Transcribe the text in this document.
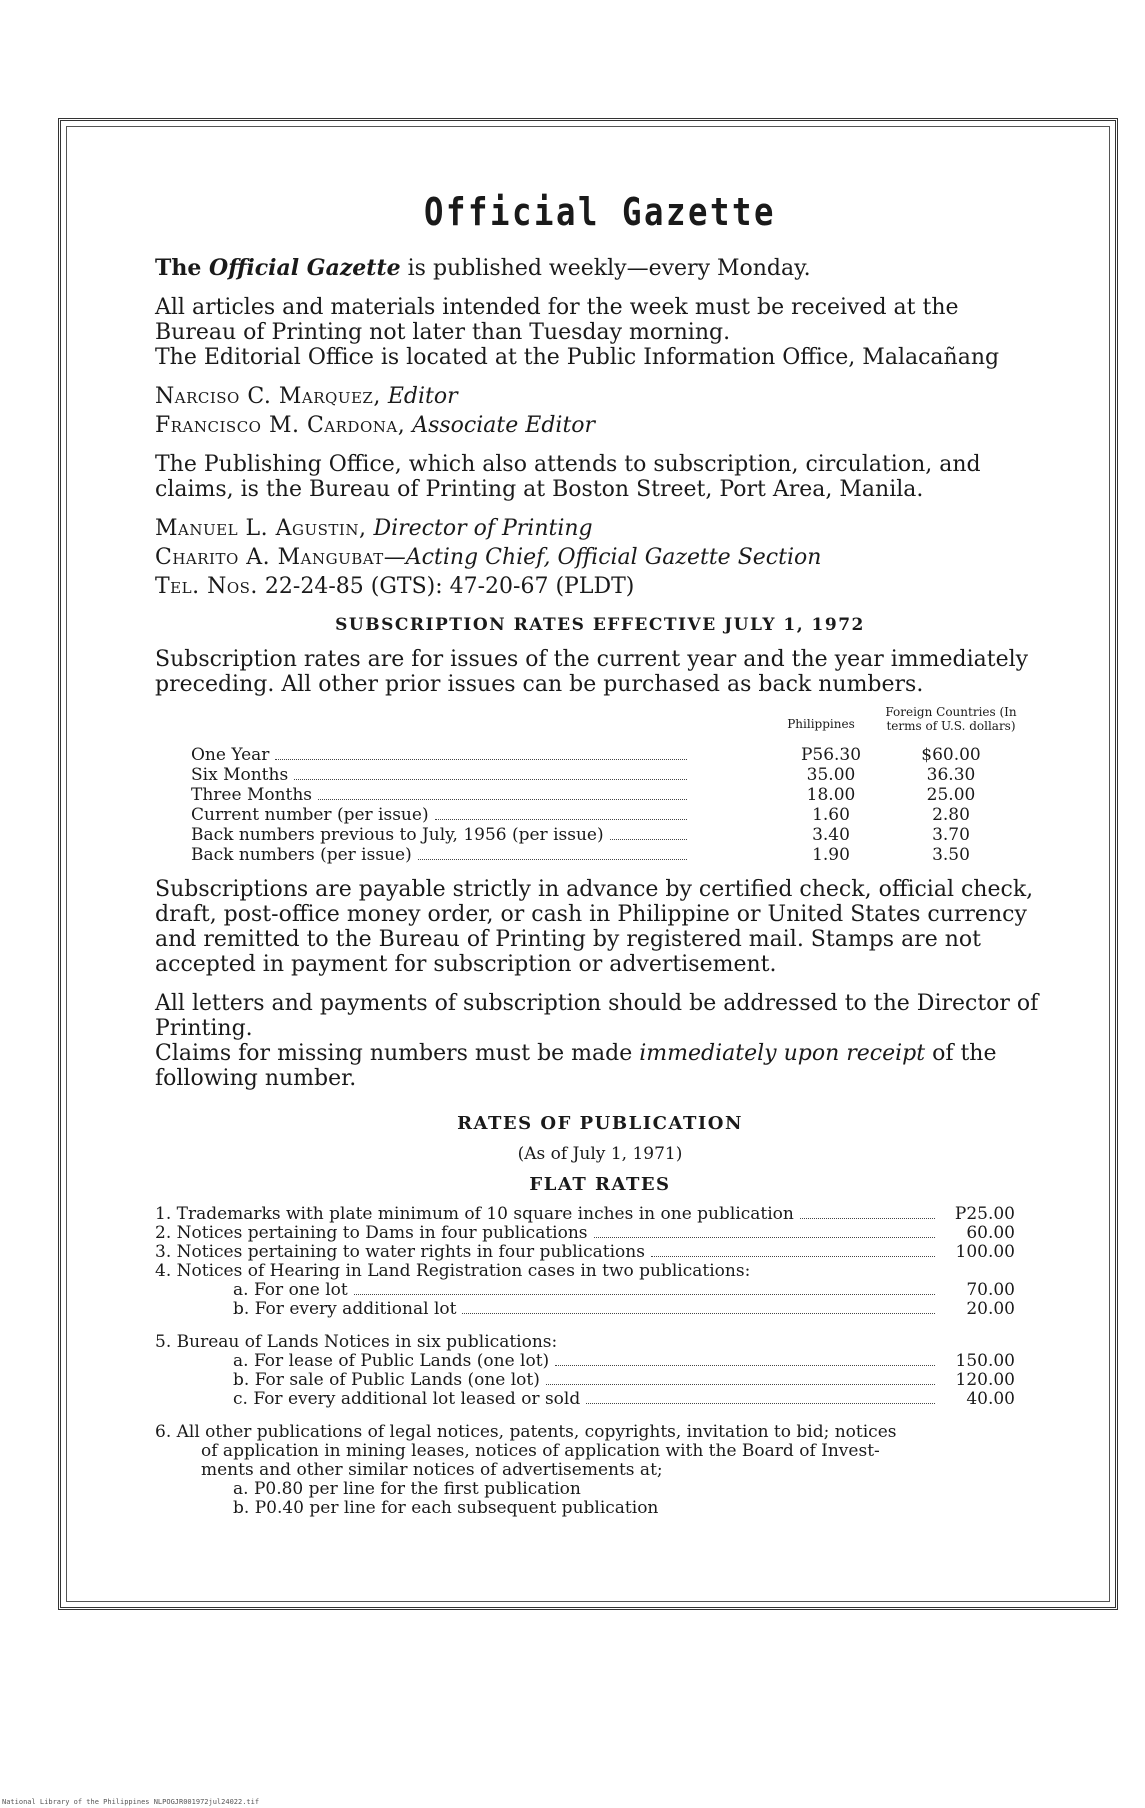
Official Gazette

The Official Gazette is published weekly—every Monday.

All articles and materials intended for the week must be received at the Bureau of Printing not later than Tuesday morning.

The Editorial Office is located at the Public Information Office, Malacañang

Narciso C. Marquez, Editor

Francisco M. Cardona, Associate Editor

The Publishing Office, which also attends to subscription, circulation, and claims, is the Bureau of Printing at Boston Street, Port Area, Manila.

Manuel L. Agustin, Director of Printing

Charito A. Mangubat—Acting Chief, Official Gazette Section

Tel. Nos. 22-24-85 (GTS): 47-20-67 (PLDT)

SUBSCRIPTION RATES EFFECTIVE JULY 1, 1972

Subscription rates are for issues of the current year and the year immediately preceding. All other prior issues can be purchased as back numbers.

Philippines
Foreign Countries (In terms of U.S. dollars)
One Year	P56.30	$60.00
Six Months	35.00	36.30
Three Months	18.00	25.00
Current number (per issue)	1.60	2.80
Back numbers previous to July, 1956 (per issue)	3.40	3.70
Back numbers (per issue)	1.90	3.50

Subscriptions are payable strictly in advance by certified check, official check, draft, post-office money order, or cash in Philippine or United States currency and remitted to the Bureau of Printing by registered mail. Stamps are not accepted in payment for subscription or advertisement.

All letters and payments of subscription should be addressed to the Director of Printing.

Claims for missing numbers must be made immediately upon receipt of the following number.

RATES OF PUBLICATION
(As of July 1, 1971)
FLAT RATES
1. Trademarks with plate minimum of 10 square inches in one publication	P25.00
2. Notices pertaining to Dams in four publications	60.00
3. Notices pertaining to water rights in four publications	100.00
4. Notices of Hearing in Land Registration cases in two publications:
a. For one lot	70.00
b. For every additional lot	20.00
5. Bureau of Lands Notices in six publications:
a. For lease of Public Lands (one lot)	150.00
b. For sale of Public Lands (one lot)	120.00
c. For every additional lot leased or sold	40.00
6. All other publications of legal notices, patents, copyrights, invitation to bid; notices
of application in mining leases, notices of application with the Board of Invest-
ments and other similar notices of advertisements at;
a. P0.80 per line for the first publication
b. P0.40 per line for each subsequent publication
National Library of the Philippines NLPOGJR001972jul24022.tif
